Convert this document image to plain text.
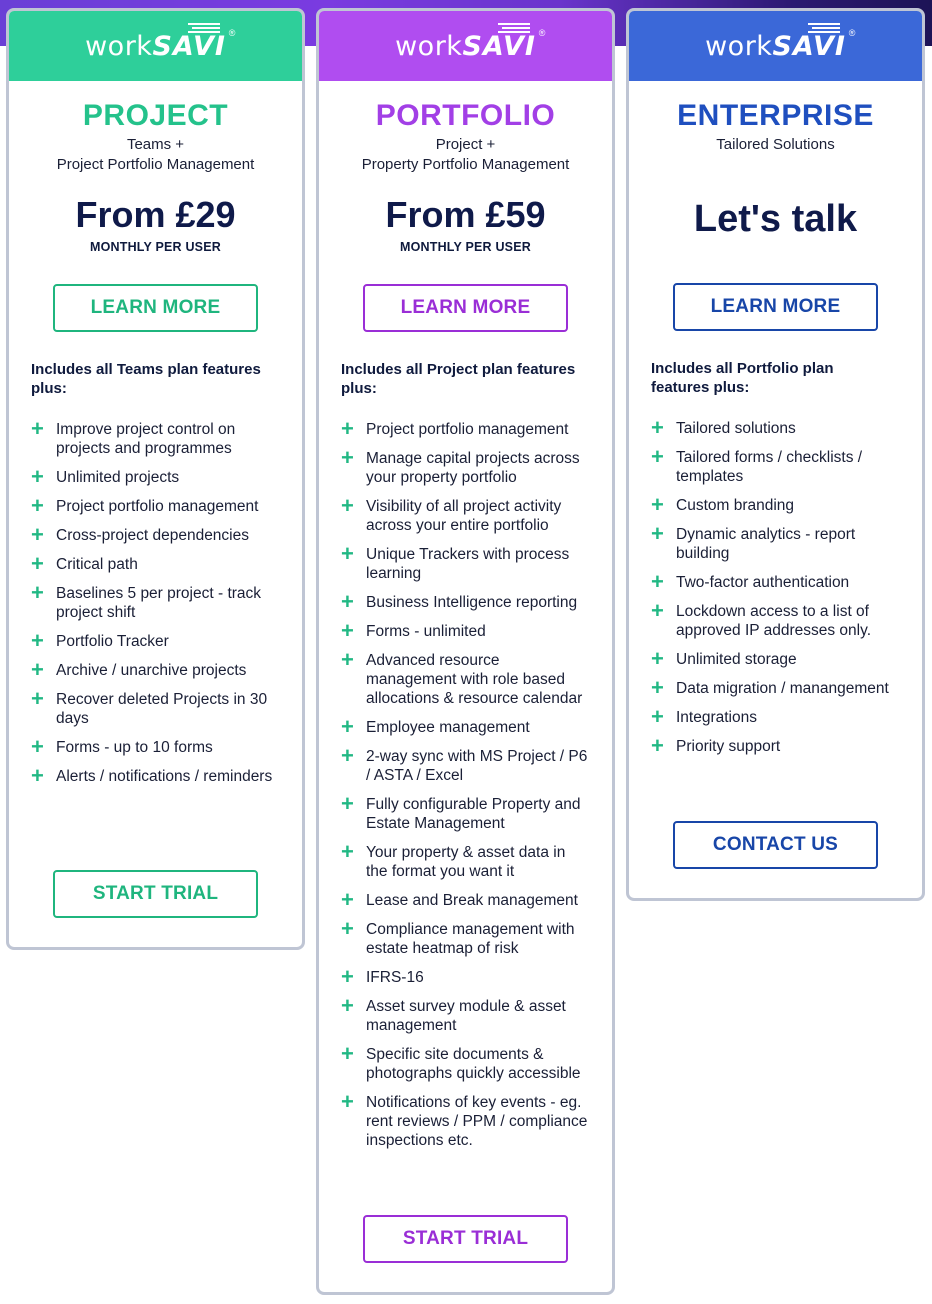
work SAVI ®
PROJECT
Teams +
Project Portfolio Management
From £29
MONTHLY PER USER
LEARN MORE
Includes all Teams plan features plus:
+ Improve project control on projects and programmes
+ Unlimited projects
+ Project portfolio management
+ Cross-project dependencies
+ Critical path
+ Baselines 5 per project - track project shift
+ Portfolio Tracker
+ Archive / unarchive projects
+ Recover deleted Projects in 30 days
+ Forms - up to 10 forms
+ Alerts / notifications / reminders
START TRIAL
work SAVI ®
PORTFOLIO
Project +
Property Portfolio Management
From £59
MONTHLY PER USER
LEARN MORE
Includes all Project plan features plus:
+ Project portfolio management
+ Manage capital projects across your property portfolio
+ Visibility of all project activity across your entire portfolio
+ Unique Trackers with process learning
+ Business Intelligence reporting
+ Forms - unlimited
+ Advanced resource management with role based allocations & resource calendar
+ Employee management
+ 2-way sync with MS Project / P6 / ASTA / Excel
+ Fully configurable Property and Estate Management
+ Your property & asset data in the format you want it
+ Lease and Break management
+ Compliance management with estate heatmap of risk
+ IFRS-16
+ Asset survey module & asset management
+ Specific site documents & photographs quickly accessible
+ Notifications of key events - eg. rent reviews / PPM / compliance inspections etc.
START TRIAL
work SAVI ®
ENTERPRISE
Tailored Solutions
Let's talk
LEARN MORE
Includes all Portfolio plan features plus:
+ Tailored solutions
+ Tailored forms / checklists / templates
+ Custom branding
+ Dynamic analytics - report building
+ Two-factor authentication
+ Lockdown access to a list of approved IP addresses only.
+ Unlimited storage
+ Data migration / manangement
+ Integrations
+ Priority support
CONTACT US
